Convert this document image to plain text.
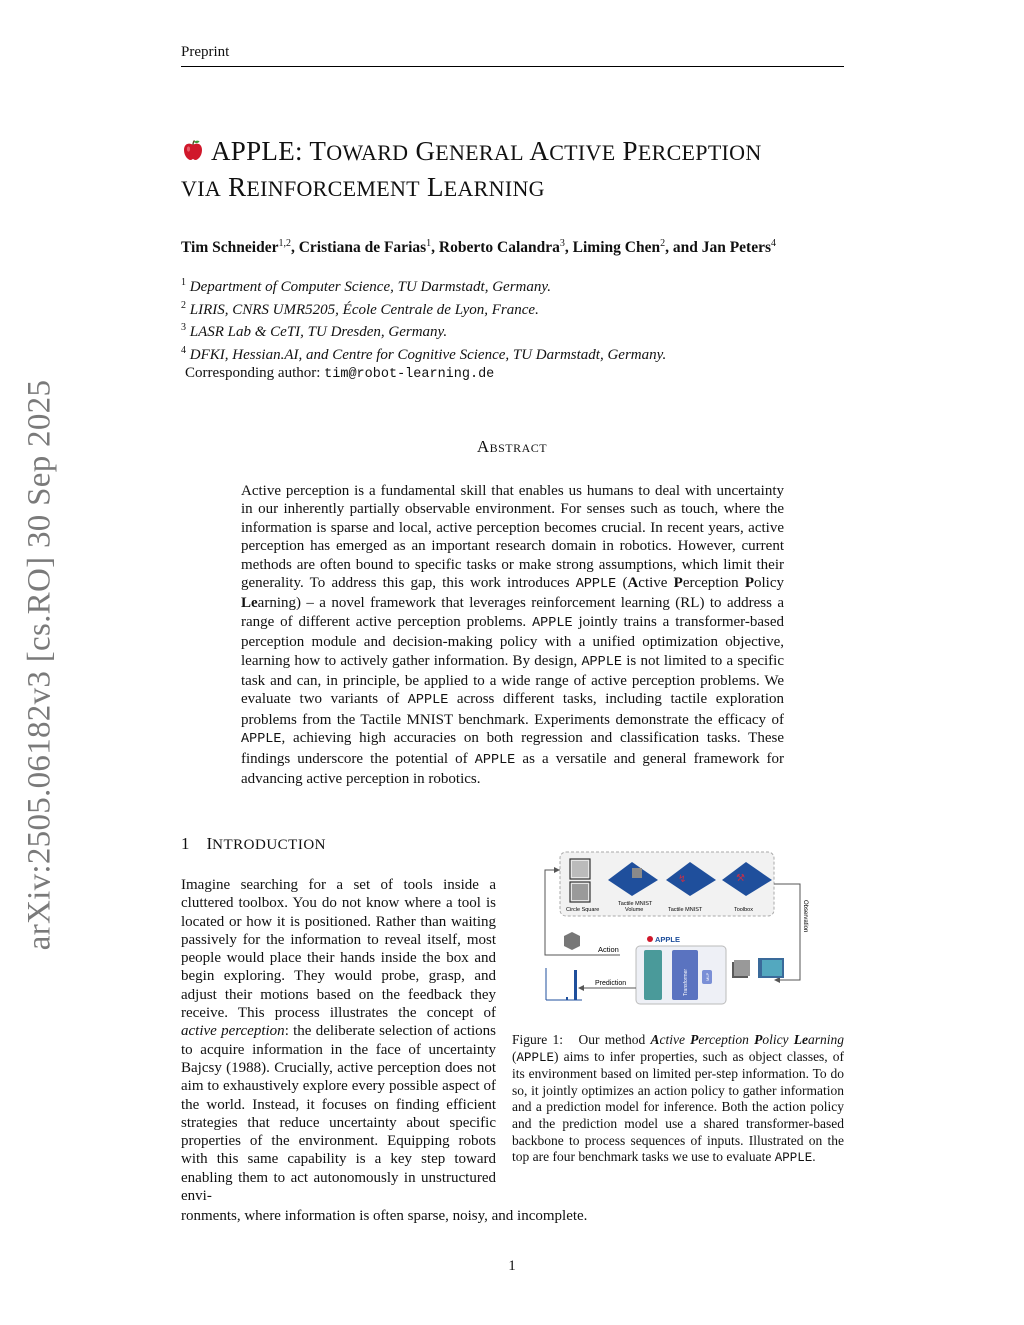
Preprint
arXiv:2505.06182v3 [cs.RO] 30 Sep 2025
APPLE: TOWARD GENERAL ACTIVE PERCEPTION
VIA REINFORCEMENT LEARNING
Tim Schneider$^{1,2}$, Cristiana de Farias$^1$, Roberto Calandra$^3$, Liming Chen$^2$, and Jan Peters$^4$
$^1$ Department of Computer Science, TU Darmstadt, Germany.
$^2$ LIRIS, CNRS UMR5205, École Centrale de Lyon, France.
$^3$ LASR Lab & CeTI, TU Dresden, Germany.
$^4$ DFKI, Hessian.AI, and Centre for Cognitive Science, TU Darmstadt, Germany.
Corresponding author: tim@robot-learning.de
Abstract
Active perception is a fundamental skill that enables us humans to deal with uncertainty in our inherently partially observable environment. For senses such as touch, where the information is sparse and local, active perception becomes crucial. In recent years, active perception has emerged as an important research domain in robotics. However, current methods are often bound to specific tasks or make strong assumptions, which limit their generality. To address this gap, this work introduces APPLE (Active Perception Policy Learning) – a novel framework that leverages reinforcement learning (RL) to address a range of different active perception problems. APPLE jointly trains a transformer-based perception module and decision-making policy with a unified optimization objective, learning how to actively gather information. By design, APPLE is not limited to a specific task and can, in principle, be applied to a wide range of active perception problems. We evaluate two variants of APPLE across different tasks, including tactile exploration problems from the Tactile MNIST benchmark. Experiments demonstrate the efficacy of APPLE, achieving high accuracies on both regression and classification tasks. These findings underscore the potential of APPLE as a versatile and general framework for advancing active perception in robotics.
1 INTRODUCTION
Imagine searching for a set of tools inside a cluttered toolbox. You do not know where a tool is located or how it is positioned. Rather than waiting passively for the information to reveal itself, most people would place their hands inside the box and begin exploring. They would probe, grasp, and adjust their motions based on the feedback they receive. This process illustrates the concept of active perception: the deliberate selection of actions to acquire information in the face of uncertainty Bajcsy (1988). Crucially, active perception does not aim to exhaustively explore every possible aspect of the world. Instead, it focuses on finding efficient strategies that reduce uncertainty about specific properties of the environment. Equipping robots with this same capability is a key step toward enabling them to act autonomously in unstructured envi-
ronments, where information is often sparse, noisy, and incomplete.
Circle Square
Tactile MNIST
Volume
↯
Tactile MNIST
⚒
Toolbox	Observation
Action
APPLE
Transformer	MLP
Prediction
Figure 1: Our method Active Perception Policy Learning (APPLE) aims to infer properties, such as object classes, of its environment based on limited per-step information. To do so, it jointly optimizes an action policy to gather information and a prediction model for inference. Both the action policy and the prediction model use a shared transformer-based backbone to process sequences of inputs. Illustrated on the top are four benchmark tasks we use to evaluate APPLE.
1
